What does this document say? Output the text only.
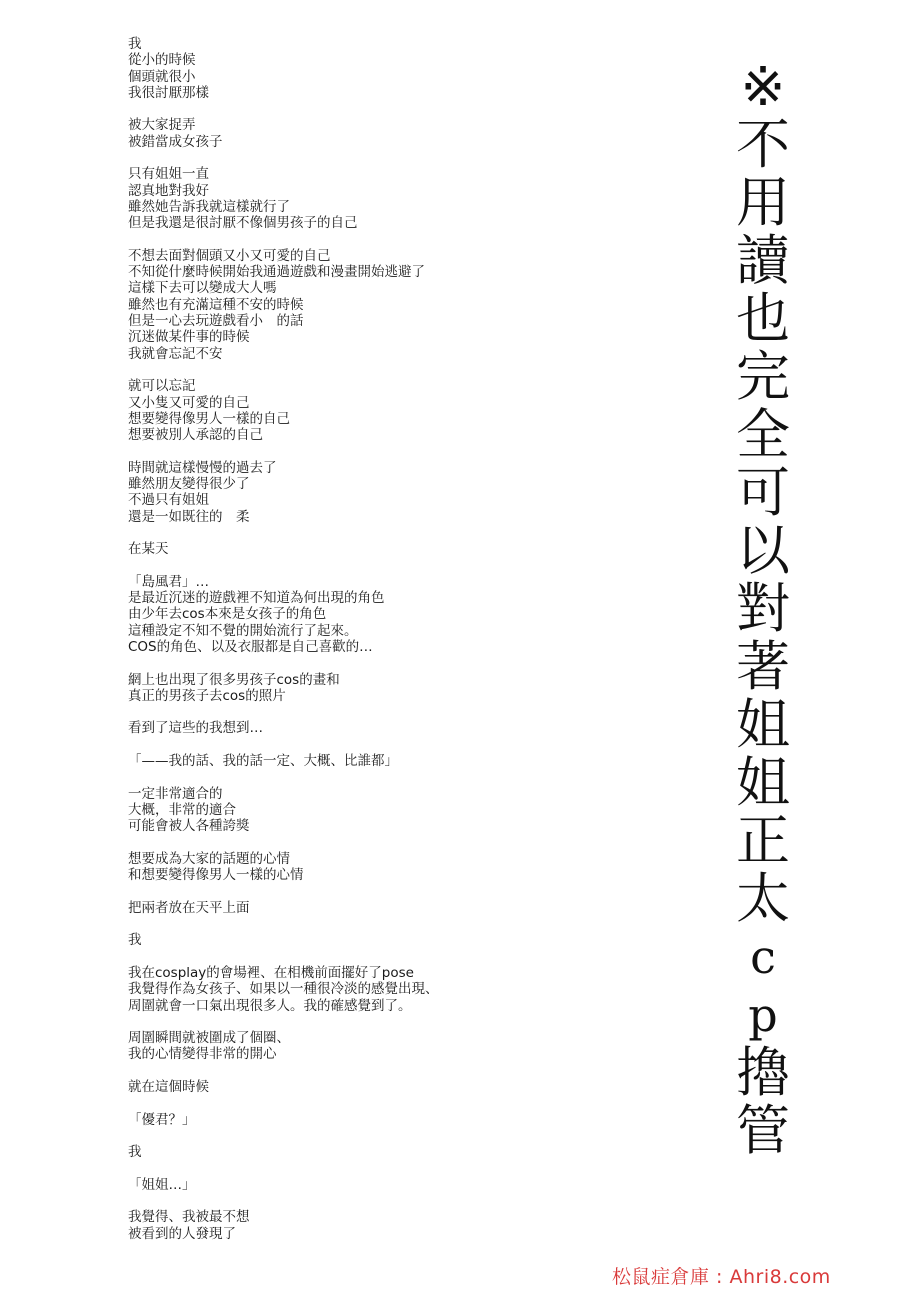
我
從小的時候
個頭就很小
我很討厭那樣
被大家捉弄
被錯當成女孩子
只有姐姐一直
認真地對我好
雖然她告訴我就這樣就行了
但是我還是很討厭不像個男孩子的自己
不想去面對個頭又小又可愛的自己
不知從什麼時候開始我通過遊戲和漫畫開始逃避了
這樣下去可以變成大人嗎
雖然也有充滿這種不安的時候
但是一心去玩遊戲看小　的話
沉迷做某件事的時候
我就會忘記不安
就可以忘記
又小隻又可愛的自己
想要變得像男人一樣的自己
想要被別人承認的自己
時間就這樣慢慢的過去了
雖然朋友變得很少了
不過只有姐姐
還是一如既往的　柔
在某天
「島風君」…
是最近沉迷的遊戲裡不知道為何出現的角色
由少年去cos本來是女孩子的角色
這種設定不知不覺的開始流行了起來。
COS的角色、以及衣服都是自己喜歡的…
網上也出現了很多男孩子cos的畫和
真正的男孩子去cos的照片
看到了這些的我想到…
「——我的話、我的話一定、大概、比誰都」
一定非常適合的
大概，非常的適合
可能會被人各種誇獎
想要成為大家的話題的心情
和想要變得像男人一樣的心情
把兩者放在天平上面
我
我在cosplay的會場裡、在相機前面擺好了pose
我覺得作為女孩子、如果以一種很冷淡的感覺出現、
周圍就會一口氣出現很多人。我的確感覺到了。
周圍瞬間就被圍成了個圈、
我的心情變得非常的開心
就在這個時候
「優君？」
我
「姐姐…」
我覺得、我被最不想
被看到的人發現了
※
不
用
讀
也
完
全
可
以
對
著
姐
姐
正
太
c
p
擼
管
松鼠症倉庫 : Ahri8.com
